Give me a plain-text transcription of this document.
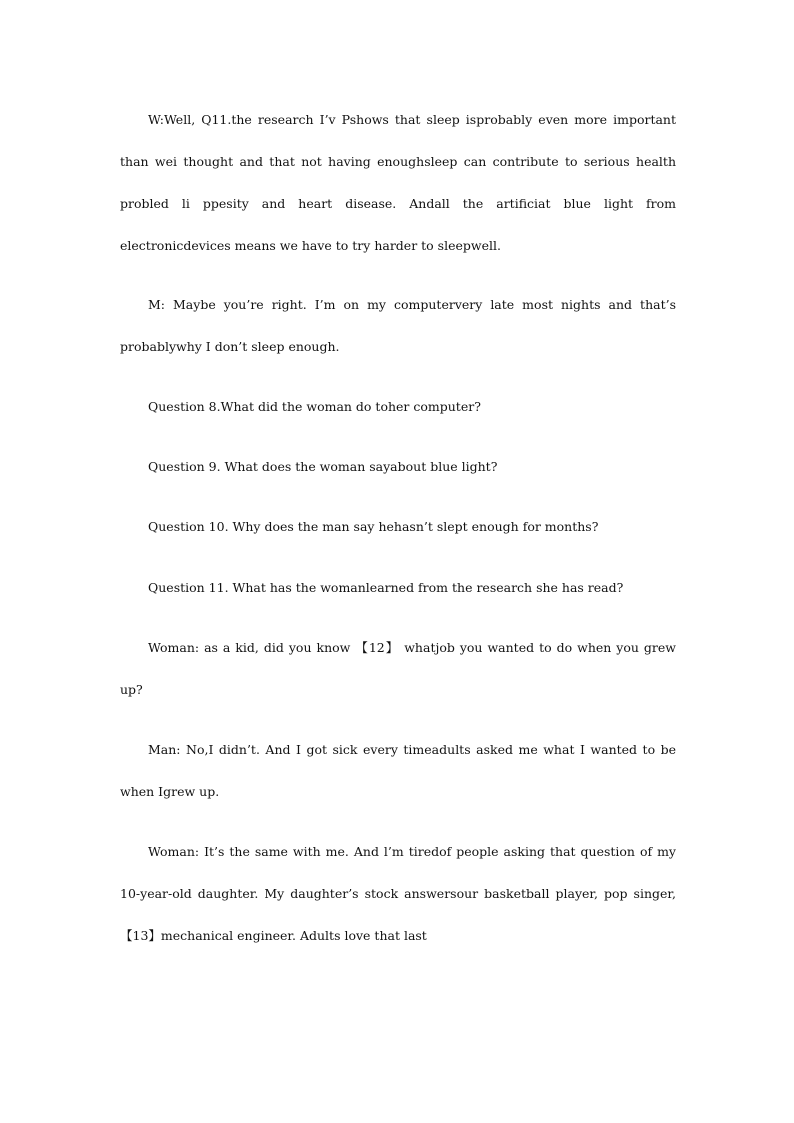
W:Well, Q11.the research I’v Pshows that sleep isprobably even more important than wei thought and that not having enoughsleep can contribute to serious health probled li ppesity and heart disease. Andall the artificiat blue light from electronicdevices means we have to try harder to sleepwell.

M: Maybe you’re right. I’m on my computervery late most nights and that’s probablywhy I don’t sleep enough.

Question 8.What did the woman do toher computer?

Question 9. What does the woman sayabout blue light?

Question 10. Why does the man say hehasn’t slept enough for months?

Question 11. What has the womanlearned from the research she has read?

Woman: as a kid, did you know 【12】 whatjob you wanted to do when you grew up?

Man: No,I didn’t. And I got sick every timeadults asked me what I wanted to be when Igrew up.

Woman: It’s the same with me. And l’m tiredof people asking that question of my 10-year-old daughter. My daughter’s stock answersour basketball player, pop singer,【13】mechanical engineer. Adults love that last
